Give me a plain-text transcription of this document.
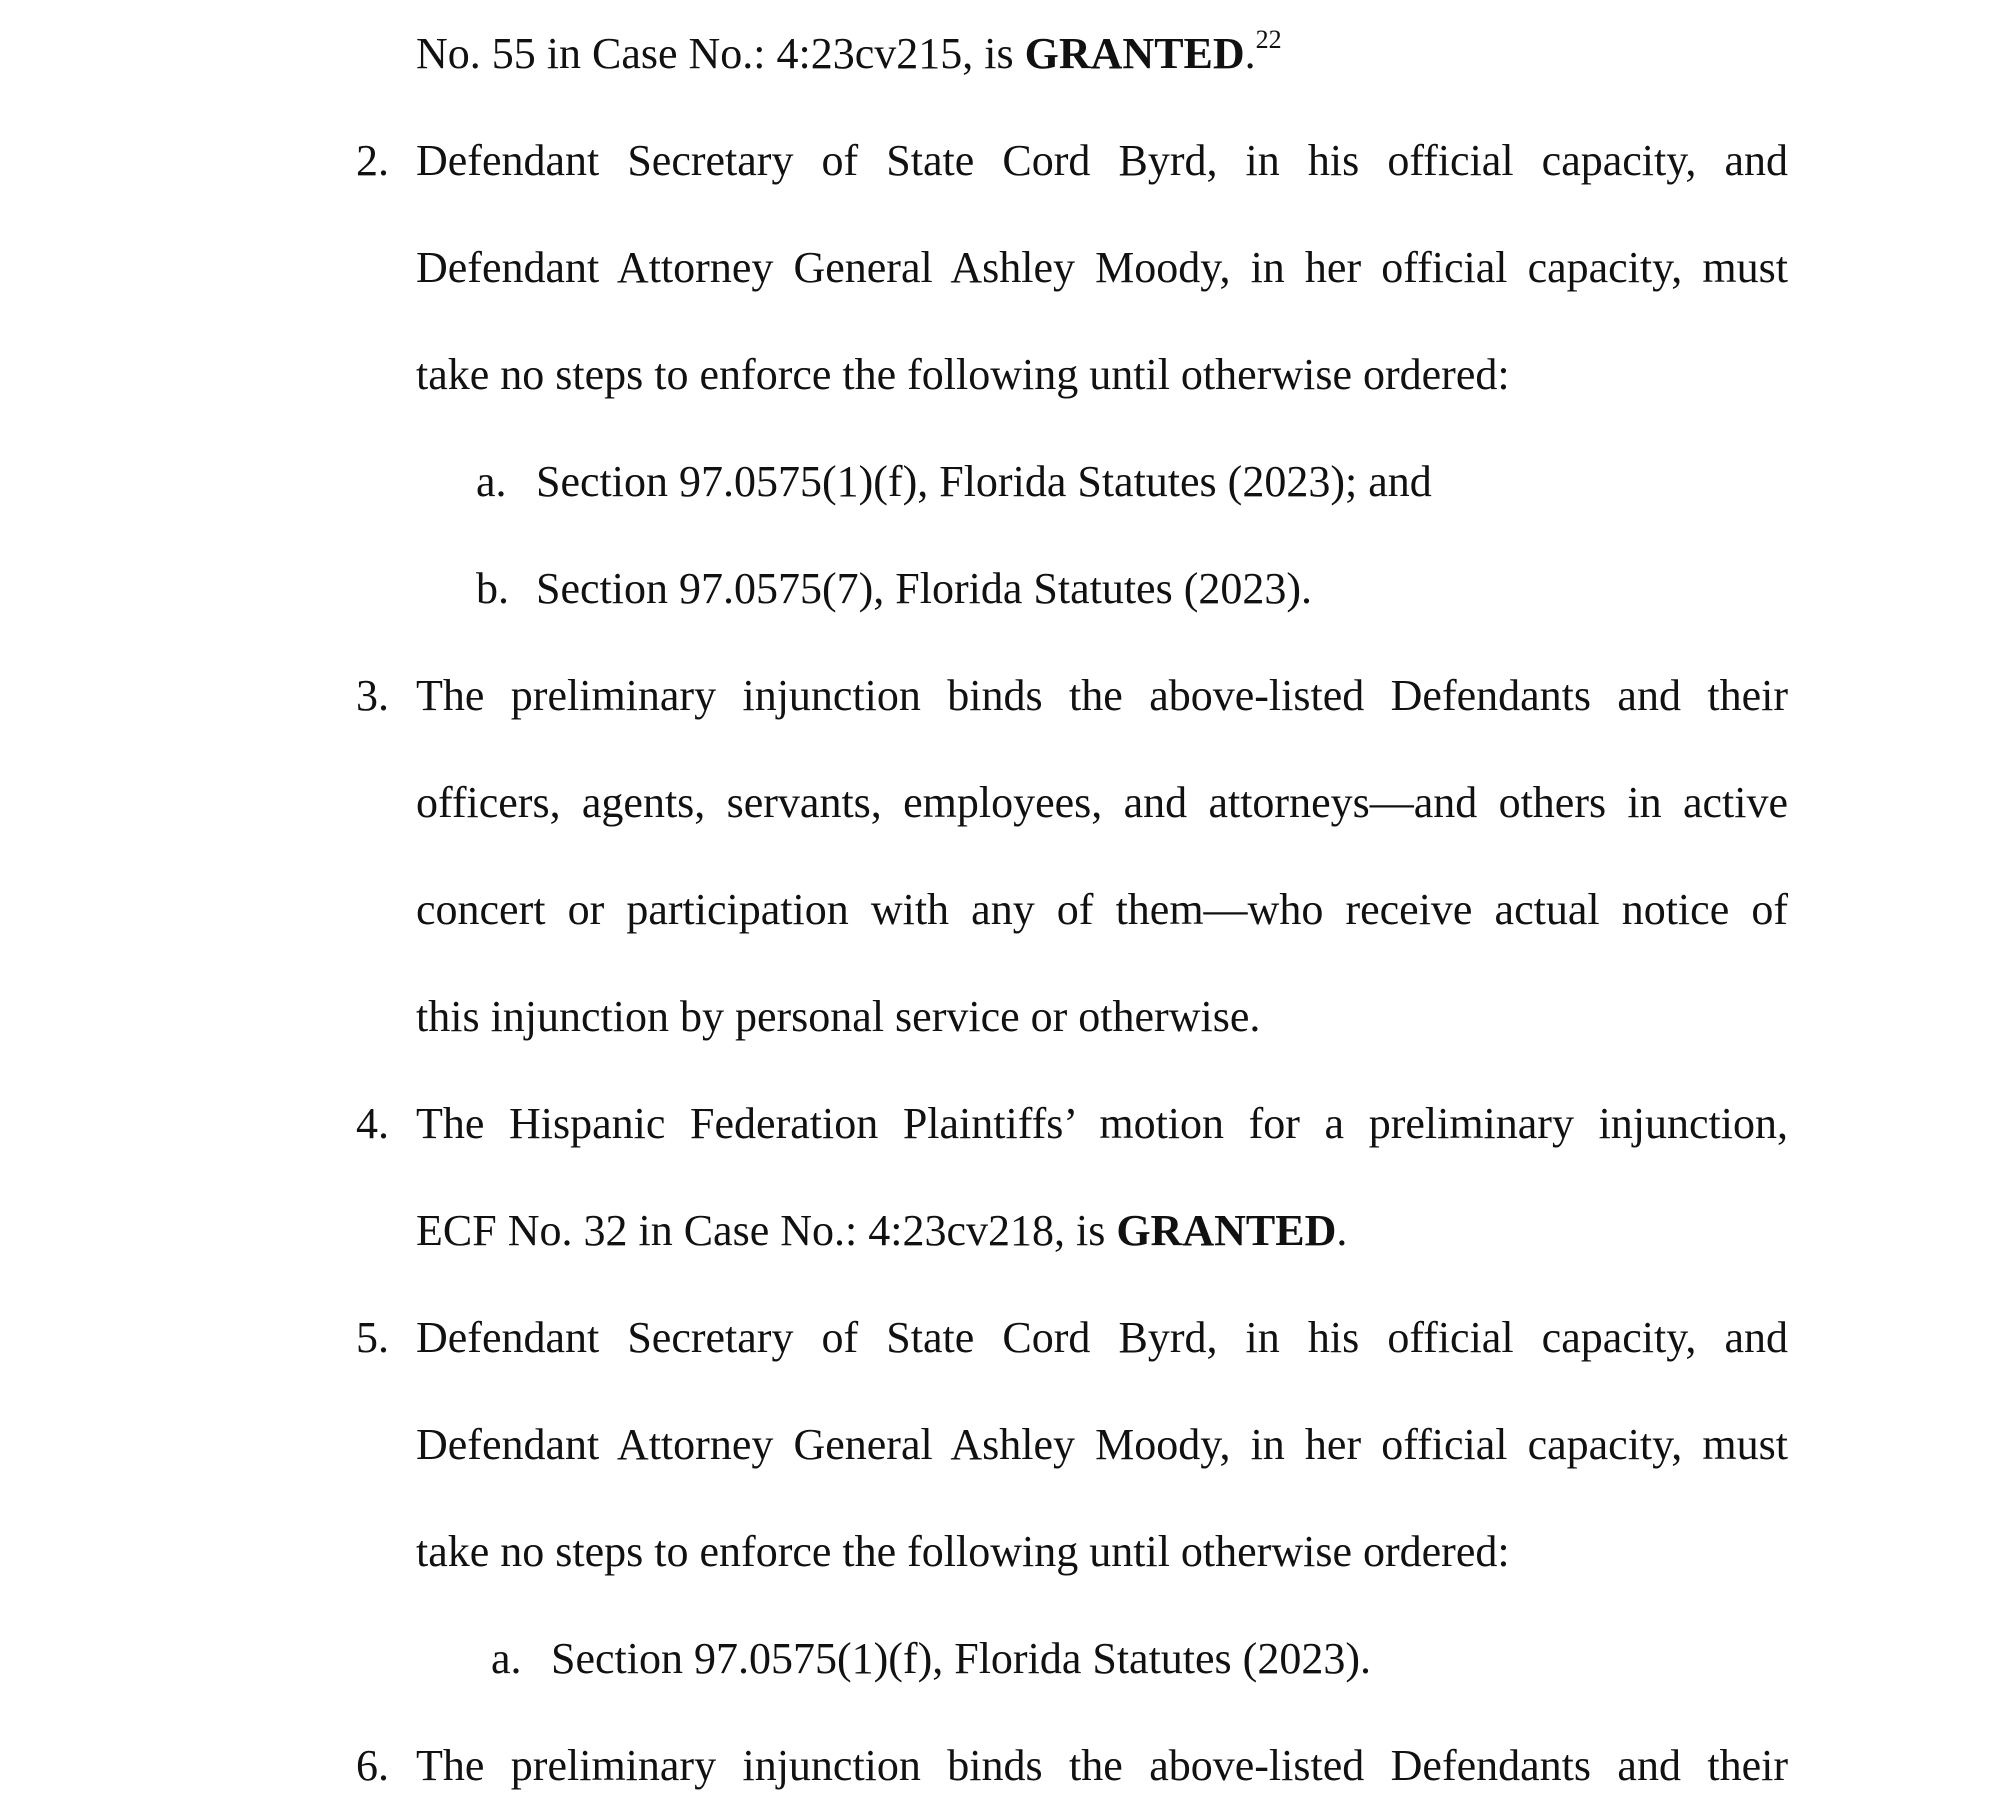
No. 55 in Case No.: 4:23cv215, is GRANTED.$^{22}$
2. Defendant Secretary of State Cord Byrd, in his official capacity, and
Defendant Attorney General Ashley Moody, in her official capacity, must
take no steps to enforce the following until otherwise ordered:
a. Section 97.0575(1)(f), Florida Statutes (2023); and
b. Section 97.0575(7), Florida Statutes (2023).
3. The preliminary injunction binds the above-listed Defendants and their
officers, agents, servants, employees, and attorneys—and others in active
concert or participation with any of them—who receive actual notice of
this injunction by personal service or otherwise.
4. The Hispanic Federation Plaintiffs’ motion for a preliminary injunction,
ECF No. 32 in Case No.: 4:23cv218, is GRANTED.
5. Defendant Secretary of State Cord Byrd, in his official capacity, and
Defendant Attorney General Ashley Moody, in her official capacity, must
take no steps to enforce the following until otherwise ordered:
a. Section 97.0575(1)(f), Florida Statutes (2023).
6. The preliminary injunction binds the above-listed Defendants and their
